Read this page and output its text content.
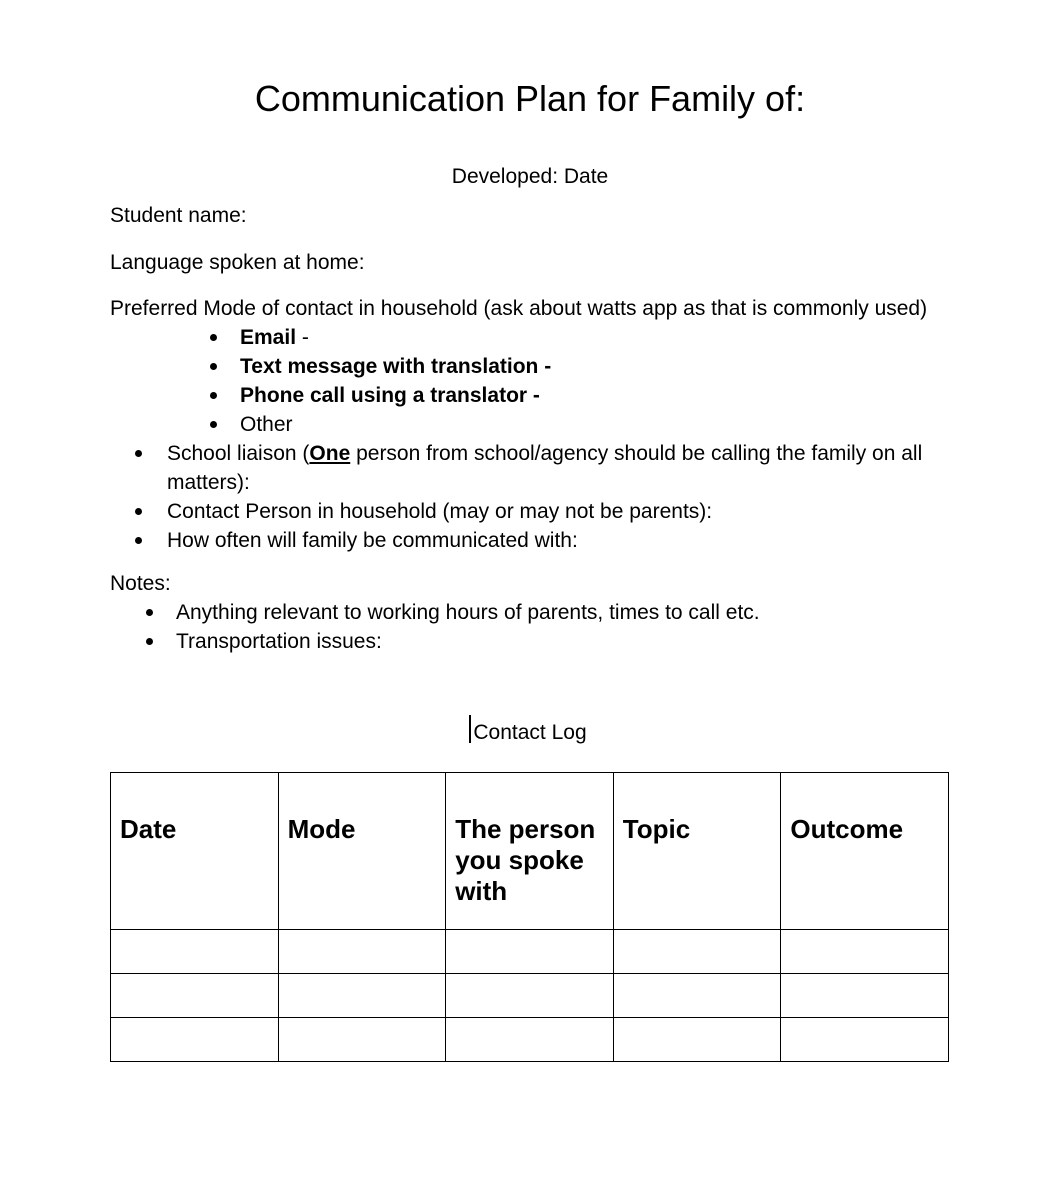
Communication Plan for Family of:
Developed: Date
Student name:
Language spoken at home:
Preferred Mode of contact in household (ask about watts app as that is commonly used)
Email -
Text message with translation -
Phone call using a translator -
Other
School liaison (One person from school/agency should be calling the family on all matters):
Contact Person in household (may or may not be parents):
How often will family be communicated with:
Notes:
Anything relevant to working hours of parents, times to call etc.
Transportation issues:
Contact Log
Date	Mode	The person you spoke with	Topic	Outcome
